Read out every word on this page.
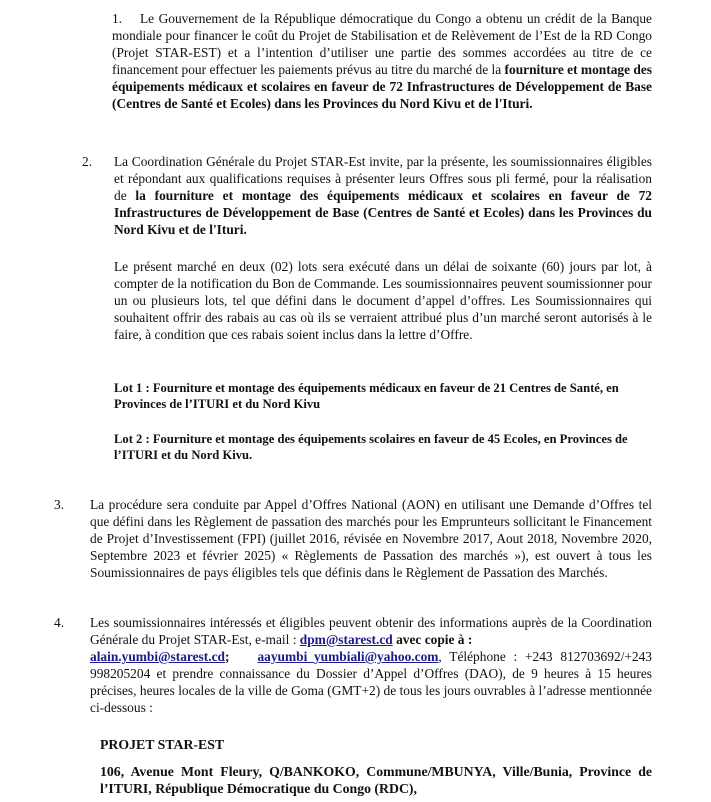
1. Le Gouvernement de la République démocratique du Congo a obtenu un crédit de la Banque mondiale pour financer le coût du Projet de Stabilisation et de Relèvement de l’Est de la RD Congo (Projet STAR-EST) et a l’intention d’utiliser une partie des sommes accordées au titre de ce financement pour effectuer les paiements prévus au titre du marché de la fourniture et montage des équipements médicaux et scolaires en faveur de 72 Infrastructures de Développement de Base (Centres de Santé et Ecoles) dans les Provinces du Nord Kivu et de l'Ituri.
2. La Coordination Générale du Projet STAR-Est invite, par la présente, les soumissionnaires éligibles et répondant aux qualifications requises à présenter leurs Offres sous pli fermé, pour la réalisation de la fourniture et montage des équipements médicaux et scolaires en faveur de 72 Infrastructures de Développement de Base (Centres de Santé et Ecoles) dans les Provinces du Nord Kivu et de l'Ituri.
Le présent marché en deux (02) lots sera exécuté dans un délai de soixante (60) jours par lot, à compter de la notification du Bon de Commande. Les soumissionnaires peuvent soumissionner pour un ou plusieurs lots, tel que défini dans le document d’appel d’offres. Les Soumissionnaires qui souhaitent offrir des rabais au cas où ils se verraient attribué plus d’un marché seront autorisés à le faire, à condition que ces rabais soient inclus dans la lettre d’Offre.
Lot 1 : Fourniture et montage des équipements médicaux en faveur de 21 Centres de Santé, en Provinces de l’ITURI et du Nord Kivu
Lot 2 : Fourniture et montage des équipements scolaires en faveur de 45 Ecoles, en Provinces de l’ITURI et du Nord Kivu.
3. La procédure sera conduite par Appel d’Offres National (AON) en utilisant une Demande d’Offres tel que défini dans les Règlement de passation des marchés pour les Emprunteurs sollicitant le Financement de Projet d’Investissement (FPI) (juillet 2016, révisée en Novembre 2017, Aout 2018, Novembre 2020, Septembre 2023 et février 2025) « Règlements de Passation des marchés »), est ouvert à tous les Soumissionnaires de pays éligibles tels que définis dans le Règlement de Passation des Marchés.
4. Les soumissionnaires intéressés et éligibles peuvent obtenir des informations auprès de la Coordination Générale du Projet STAR-Est, e-mail : dpm@starest.cd avec copie à :
alain.yumbi@starest.cd; aayumbi_yumbiali@yahoo.com, Téléphone : +243 812703692/+243 998205204 et prendre connaissance du Dossier d’Appel d’Offres (DAO), de 9 heures à 15 heures précises, heures locales de la ville de Goma (GMT+2) de tous les jours ouvrables à l’adresse mentionnée ci-dessous :
PROJET STAR-EST
106, Avenue Mont Fleury, Q/BANKOKO, Commune/MBUNYA, Ville/Bunia, Province de l’ITURI, République Démocratique du Congo (RDC),
